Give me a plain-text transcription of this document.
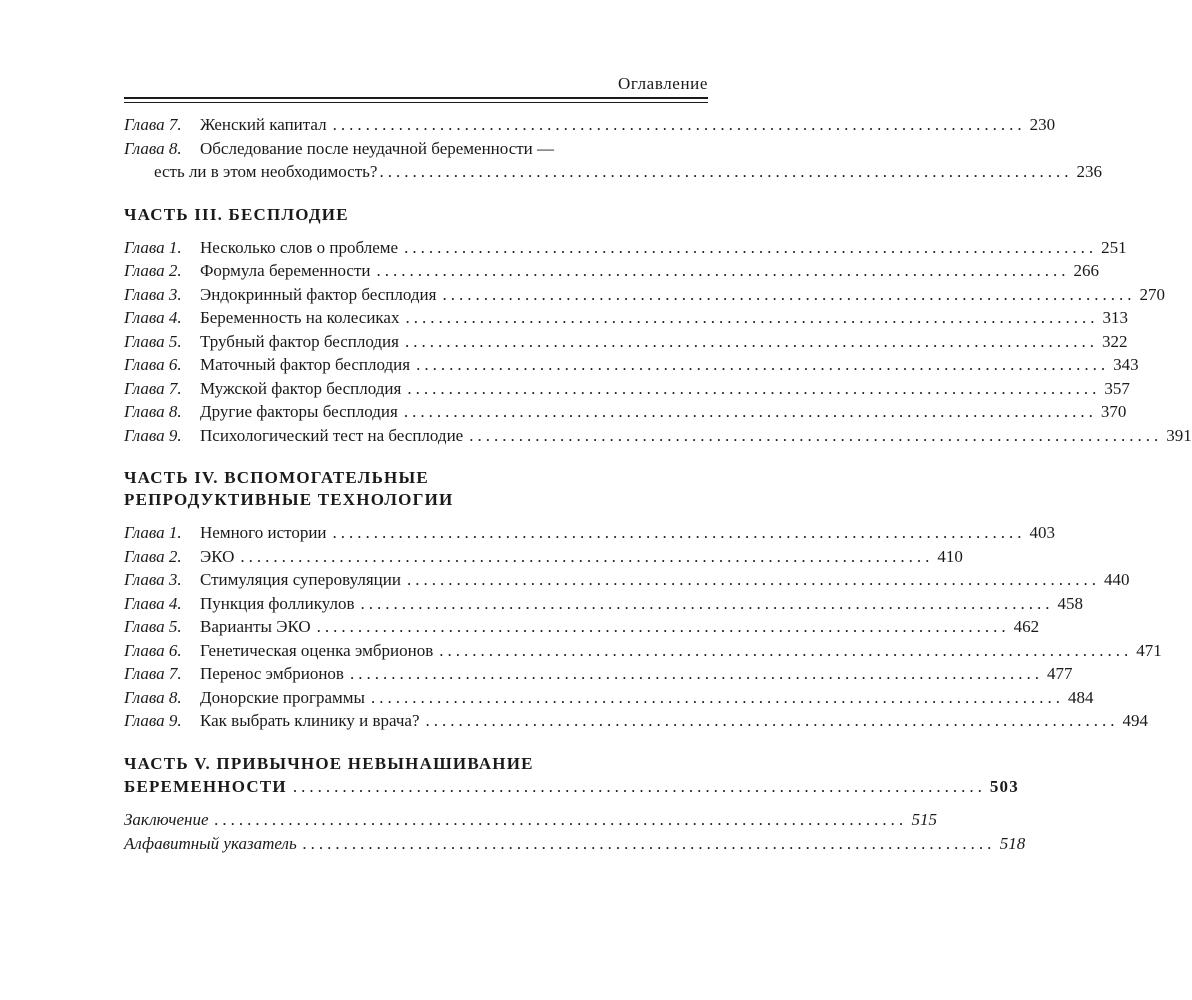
Оглавление
Глава 7.	Женский капитал .................................................................................... 230
Глава 8.	Обследование после неудачной беременности —
есть ли в этом необходимость? .................................................................................... 236
ЧАСТЬ III. БЕСПЛОДИЕ
Глава 1.	Несколько слов о проблеме .................................................................................... 251
Глава 2.	Формула беременности .................................................................................... 266
Глава 3.	Эндокринный фактор бесплодия .................................................................................... 270
Глава 4.	Беременность на колесиках .................................................................................... 313
Глава 5.	Трубный фактор бесплодия .................................................................................... 322
Глава 6.	Маточный фактор бесплодия .................................................................................... 343
Глава 7.	Мужской фактор бесплодия .................................................................................... 357
Глава 8.	Другие факторы бесплодия .................................................................................... 370
Глава 9.	Психологический тест на бесплодие .................................................................................... 391
ЧАСТЬ IV. ВСПОМОГАТЕЛЬНЫЕ
РЕПРОДУКТИВНЫЕ ТЕХНОЛОГИИ
Глава 1.	Немного истории .................................................................................... 403
Глава 2.	ЭКО .................................................................................... 410
Глава 3.	Стимуляция суперовуляции .................................................................................... 440
Глава 4.	Пункция фолликулов .................................................................................... 458
Глава 5.	Варианты ЭКО .................................................................................... 462
Глава 6.	Генетическая оценка эмбрионов .................................................................................... 471
Глава 7.	Перенос эмбрионов .................................................................................... 477
Глава 8.	Донорские программы .................................................................................... 484
Глава 9.	Как выбрать клинику и врача? .................................................................................... 494
ЧАСТЬ V. ПРИВЫЧНОЕ НЕВЫНАШИВАНИЕ
БЕРЕМЕННОСТИ .................................................................................... 503
Заключение .................................................................................... 515
Алфавитный указатель .................................................................................... 518
